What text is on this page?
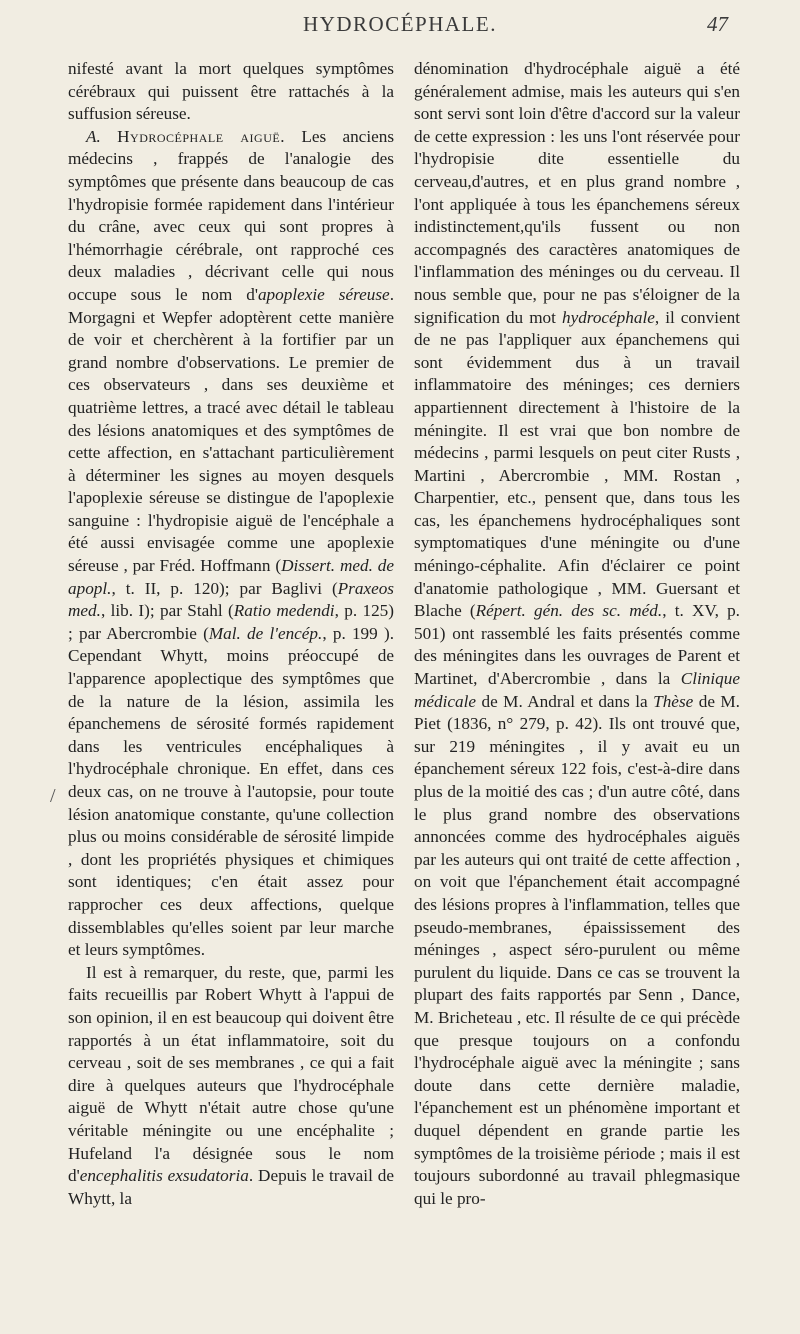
HYDROCÉPHALE.	47
/

nifesté avant la mort quelques symptômes cérébraux qui puissent être rattachés à la suffusion séreuse.

A. Hydrocéphale aiguë. Les anciens médecins , frappés de l'analogie des symptômes que présente dans beaucoup de cas l'hydropisie formée rapidement dans l'intérieur du crâne, avec ceux qui sont propres à l'hémorrhagie cérébrale, ont rapproché ces deux maladies , décrivant celle qui nous occupe sous le nom d'apoplexie séreuse. Morgagni et Wepfer adoptèrent cette manière de voir et cherchèrent à la fortifier par un grand nombre d'observations. Le premier de ces observateurs , dans ses deuxième et quatrième lettres, a tracé avec détail le tableau des lésions anatomiques et des symptômes de cette affection, en s'attachant particulièrement à déterminer les signes au moyen desquels l'apoplexie séreuse se distingue de l'apoplexie sanguine : l'hydropisie aiguë de l'encéphale a été aussi envisagée comme une apoplexie séreuse , par Fréd. Hoffmann (Dissert. med. de apopl., t. II, p. 120); par Baglivi (Praxeos med., lib. I); par Stahl (Ratio medendi, p. 125) ; par Abercrombie (Mal. de l'encép., p. 199 ). Cependant Whytt, moins préoccupé de l'apparence apoplectique des symptômes que de la nature de la lésion, assimila les épanchemens de sérosité formés rapidement dans les ventricules encéphaliques à l'hydrocéphale chronique. En effet, dans ces deux cas, on ne trouve à l'autopsie, pour toute lésion anatomique constante, qu'une collection plus ou moins considérable de sérosité limpide , dont les propriétés physiques et chimiques sont identiques; c'en était assez pour rapprocher ces deux affections, quelque dissemblables qu'elles soient par leur marche et leurs symptômes.

Il est à remarquer, du reste, que, parmi les faits recueillis par Robert Whytt à l'appui de son opinion, il en est beaucoup qui doivent être rapportés à un état inflammatoire, soit du cerveau , soit de ses membranes , ce qui a fait dire à quelques auteurs que l'hydrocéphale aiguë de Whytt n'était autre chose qu'une véritable méningite ou une encéphalite ; Hufeland l'a désignée sous le nom d'encephalitis exsudatoria. Depuis le travail de Whytt, la

dénomination d'hydrocéphale aiguë a été généralement admise, mais les auteurs qui s'en sont servi sont loin d'être d'accord sur la valeur de cette expression : les uns l'ont réservée pour l'hydropisie dite essentielle du cerveau,d'autres, et en plus grand nombre , l'ont appliquée à tous les épanchemens séreux indistinctement,qu'ils fussent ou non accompagnés des caractères anatomiques de l'inflammation des méninges ou du cerveau. Il nous semble que, pour ne pas s'éloigner de la signification du mot hydrocéphale, il convient de ne pas l'appliquer aux épanchemens qui sont évidemment dus à un travail inflammatoire des méninges; ces derniers appartiennent directement à l'histoire de la méningite. Il est vrai que bon nombre de médecins , parmi lesquels on peut citer Rusts , Martini , Abercrombie , MM. Rostan , Charpentier, etc., pensent que, dans tous les cas, les épanchemens hydrocéphaliques sont symptomatiques d'une méningite ou d'une méningo-céphalite. Afin d'éclairer ce point d'anatomie pathologique , MM. Guersant et Blache (Répert. gén. des sc. méd., t. XV, p. 501) ont rassemblé les faits présentés comme des méningites dans les ouvrages de Parent et Martinet, d'Abercrombie , dans la Clinique médicale de M. Andral et dans la Thèse de M. Piet (1836, n° 279, p. 42). Ils ont trouvé que, sur 219 méningites , il y avait eu un épanchement séreux 122 fois, c'est-à-dire dans plus de la moitié des cas ; d'un autre côté, dans le plus grand nombre des observations annoncées comme des hydrocéphales aiguës par les auteurs qui ont traité de cette affection , on voit que l'épanchement était accompagné des lésions propres à l'inflammation, telles que pseudo-membranes, épaississement des méninges , aspect séro-purulent ou même purulent du liquide. Dans ce cas se trouvent la plupart des faits rapportés par Senn , Dance, M. Bricheteau , etc. Il résulte de ce qui précède que presque toujours on a confondu l'hydrocéphale aiguë avec la méningite ; sans doute dans cette dernière maladie, l'épanchement est un phénomène important et duquel dépendent en grande partie les symptômes de la troisième période ; mais il est toujours subordonné au travail phlegmasique qui le pro-
